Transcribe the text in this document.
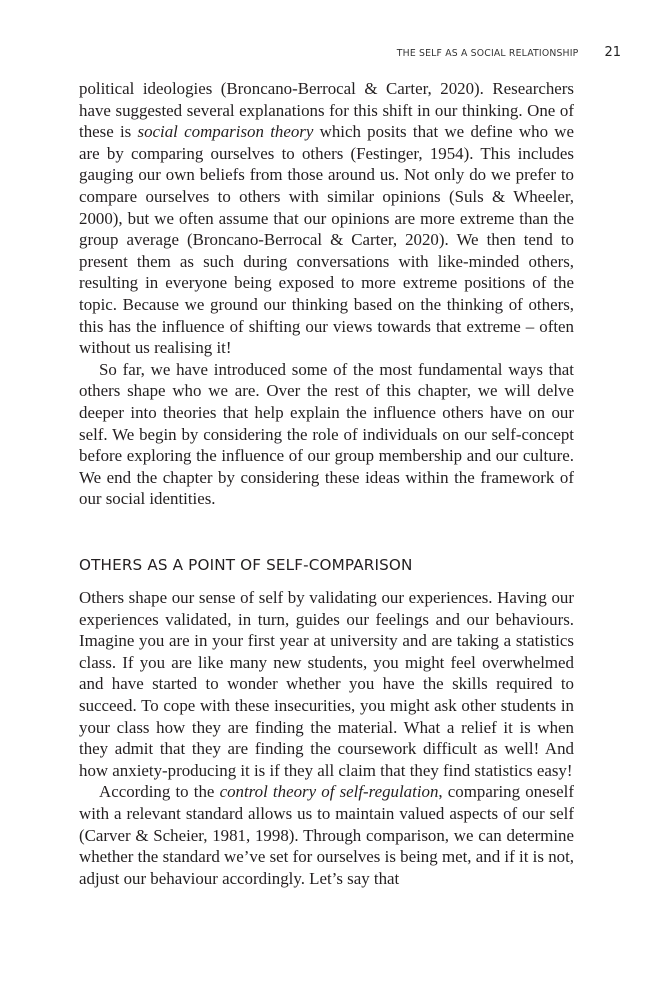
THE SELF AS A SOCIAL RELATIONSHIP 21

political ideologies (Broncano-Berrocal & Carter, 2020). Researchers have suggested several explanations for this shift in our thinking. One of these is social comparison theory which posits that we define who we are by comparing ourselves to others (Festinger, 1954). This includes gauging our own beliefs from those around us. Not only do we prefer to compare ourselves to others with similar opinions (Suls & Wheeler, 2000), but we often assume that our opinions are more extreme than the group average (Broncano-Berrocal & Carter, 2020). We then tend to present them as such during conversations with like-minded others, resulting in everyone being exposed to more extreme positions of the topic. Because we ground our thinking based on the thinking of others, this has the influence of shifting our views towards that extreme – often without us realising it!

So far, we have introduced some of the most fundamental ways that others shape who we are. Over the rest of this chapter, we will delve deeper into theories that help explain the influence others have on our self. We begin by considering the role of individuals on our self-concept before exploring the influence of our group membership and our culture. We end the chapter by considering these ideas within the framework of our social identities.

OTHERS AS A POINT OF SELF-COMPARISON

Others shape our sense of self by validating our experiences. Having our experiences validated, in turn, guides our feelings and our behaviours. Imagine you are in your first year at university and are taking a statistics class. If you are like many new students, you might feel overwhelmed and have started to wonder whether you have the skills required to succeed. To cope with these insecurities, you might ask other students in your class how they are finding the material. What a relief it is when they admit that they are finding the coursework difficult as well! And how anxiety-producing it is if they all claim that they find statistics easy!

According to the control theory of self-regulation, comparing oneself with a relevant standard allows us to maintain valued aspects of our self (Carver & Scheier, 1981, 1998). Through comparison, we can determine whether the standard we’ve set for ourselves is being met, and if it is not, adjust our behaviour accordingly. Let’s say that
